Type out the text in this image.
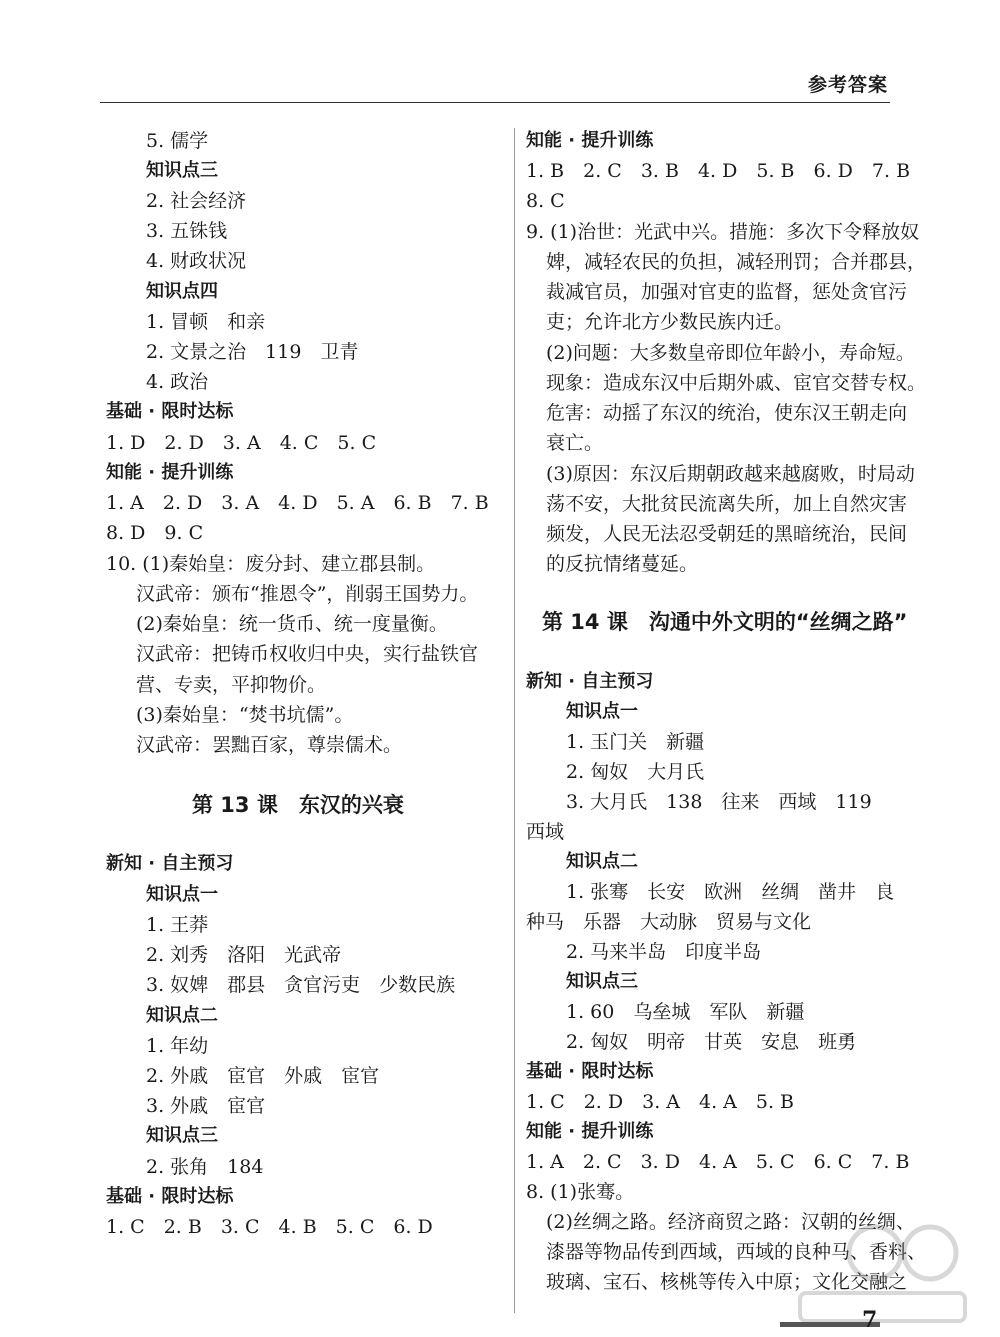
参考答案
5. 儒学
知识点三
2. 社会经济
3. 五铢钱
4. 财政状况
知识点四
1. 冒顿　和亲
2. 文景之治　119　卫青
4. 政治
基础 · 限时达标
1. D　2. D　3. A　4. C　5. C
知能 · 提升训练
1. A　2. D　3. A　4. D　5. A　6. B　7. B
8. D　9. C
10. (1)秦始皇：废分封、建立郡县制。
汉武帝：颁布“推恩令”，削弱王国势力。
(2)秦始皇：统一货币、统一度量衡。
汉武帝：把铸币权收归中央，实行盐铁官
营、专卖，平抑物价。
(3)秦始皇：“焚书坑儒”。
汉武帝：罢黜百家，尊崇儒术。
第 13 课　东汉的兴衰
新知 · 自主预习
知识点一
1. 王莽
2. 刘秀　洛阳　光武帝
3. 奴婢　郡县　贪官污吏　少数民族
知识点二
1. 年幼
2. 外戚　宦官　外戚　宦官
3. 外戚　宦官
知识点三
2. 张角　184
基础 · 限时达标
1. C　2. B　3. C　4. B　5. C　6. D
知能 · 提升训练
1. B　2. C　3. B　4. D　5. B　6. D　7. B
8. C
9. (1)治世：光武中兴。措施：多次下令释放奴
婢，减轻农民的负担，减轻刑罚；合并郡县，
裁减官员，加强对官吏的监督，惩处贪官污
吏；允许北方少数民族内迁。
(2)问题：大多数皇帝即位年龄小，寿命短。
现象：造成东汉中后期外戚、宦官交替专权。
危害：动摇了东汉的统治，使东汉王朝走向
衰亡。
(3)原因：东汉后期朝政越来越腐败，时局动
荡不安，大批贫民流离失所，加上自然灾害
频发，人民无法忍受朝廷的黑暗统治，民间
的反抗情绪蔓延。
第 14 课　沟通中外文明的“丝绸之路”
新知 · 自主预习
知识点一
1. 玉门关　新疆
2. 匈奴　大月氏
3. 大月氏　138　往来　西域　119
西域
知识点二
1. 张骞　长安　欧洲　丝绸　凿井　良
种马　乐器　大动脉　贸易与文化
2. 马来半岛　印度半岛
知识点三
1. 60　乌垒城　军队　新疆
2. 匈奴　明帝　甘英　安息　班勇
基础 · 限时达标
1. C　2. D　3. A　4. A　5. B
知能 · 提升训练
1. A　2. C　3. D　4. A　5. C　6. C　7. B
8. (1)张骞。
(2)丝绸之路。经济商贸之路：汉朝的丝绸、
漆器等物品传到西域，西域的良种马、香料、
玻璃、宝石、核桃等传入中原；文化交融之
7
